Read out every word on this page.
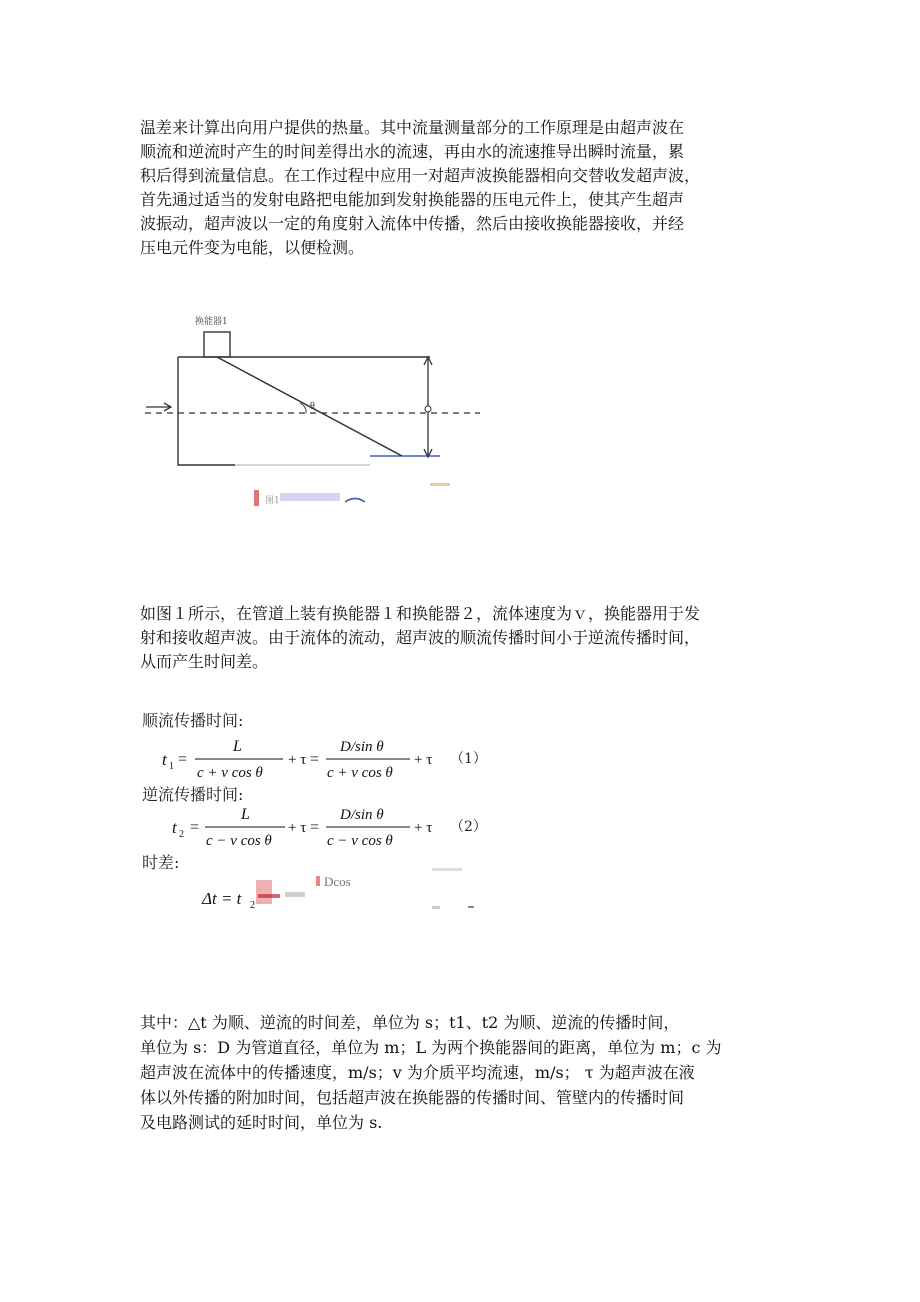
温差来计算出向用户提供的热量。其中流量测量部分的工作原理是由超声波在
顺流和逆流时产生的时间差得出水的流速，再由水的流速推导出瞬时流量，累
积后得到流量信息。在工作过程中应用一对超声波换能器相向交替收发超声波，
首先通过适当的发射电路把电能加到发射换能器的压电元件上，使其产生超声
波振动，超声波以一定的角度射入流体中传播，然后由接收换能器接收，并经
压电元件变为电能，以便检测。
换能器1
θ
图1
如图１所示，在管道上装有换能器１和换能器２，流体速度为ｖ，换能器用于发
射和接收超声波。由于流体的流动，超声波的顺流传播时间小于逆流传播时间，
从而产生时间差。
顺流传播时间:
t 1 =
L
c + v cos θ
+ τ =
D/sin θ
c + v cos θ
+ τ （1）
逆流传播时间:
t 2 =
L
c − v cos θ
+ τ =
D/sin θ
c − v cos θ
+ τ （2）
时差:
Δt = t 2
Dcos
其中：△t 为顺、逆流的时间差，单位为 s；t1、t2 为顺、逆流的传播时间，
单位为 s：D 为管道直径，单位为 m；L 为两个换能器间的距离，单位为 m；c 为
超声波在流体中的传播速度，m/s；v 为介质平均流速，m/s； τ 为超声波在液
体以外传播的附加时间，包括超声波在换能器的传播时间、管壁内的传播时间
及电路测试的延时时间，单位为 s.
